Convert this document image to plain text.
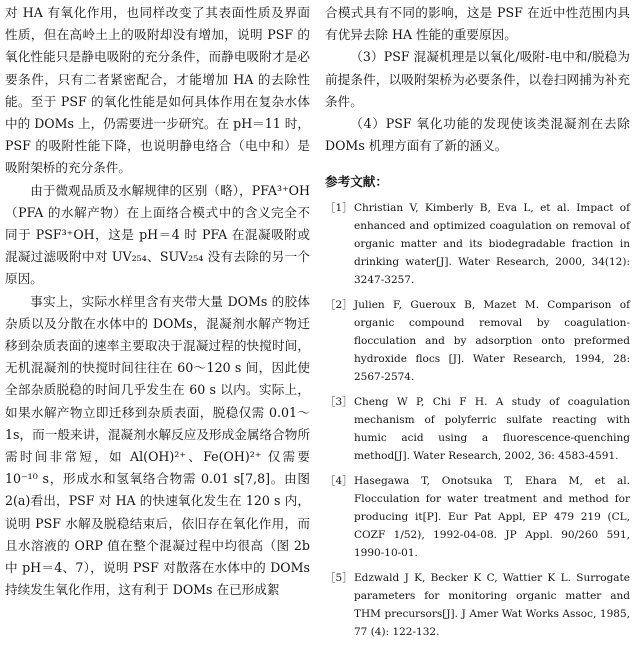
对 HA 有氧化作用，也同样改变了其表面性质及界面性质，但在高岭土上的吸附却没有增加，说明 PSF 的氧化性能只是静电吸附的充分条件，而静电吸附才是必要条件，只有二者紧密配合，才能增加 HA 的去除性能。至于 PSF 的氧化性能是如何具体作用在复杂水体中的 DOMs 上，仍需要进一步研究。在 pH＝11 时，PSF 的吸附性能下降，也说明静电络合（电中和）是吸附架桥的充分条件。

由于微观品质及水解规律的区别（略），PFA³⁺OH（PFA 的水解产物）在上面络合模式中的含义完全不同于 PSF³⁺OH，这是 pH＝4 时 PFA 在混凝吸附或混凝过滤吸附中对 UV₂₅₄、SUV₂₅₄ 没有去除的另一个原因。

事实上，实际水样里含有夹带大量 DOMs 的胶体杂质以及分散在水体中的 DOMs，混凝剂水解产物迁移到杂质表面的速率主要取决于混凝过程的快搅时间，无机混凝剂的快搅时间往往在 60～120 s 间，因此使全部杂质脱稳的时间几乎发生在 60 s 以内。实际上，如果水解产物立即迁移到杂质表面，脱稳仅需 0.01～1s，而一般来讲，混凝剂水解反应及形成金属络合物所需时间非常短，如 Al(OH)²⁺、Fe(OH)²⁺ 仅需要 10⁻¹⁰ s，形成水和氢氧络合物需 0.01 s[7,8]。由图 2(a)看出，PSF 对 HA 的快速氧化发生在 120 s 内，说明 PSF 水解及脱稳结束后，依旧存在氧化作用，而且水溶液的 ORP 值在整个混凝过程中均很高（图 2b 中 pH＝4、7），说明 PSF 对散落在水体中的 DOMs 持续发生氧化作用，这有利于 DOMs 在已形成絮

合模式具有不同的影响，这是 PSF 在近中性范围内具有优异去除 HA 性能的重要原因。

（3）PSF 混凝机理是以氧化/吸附-电中和/脱稳为前提条件，以吸附架桥为必要条件，以卷扫网捕为补充条件。

（4）PSF 氧化功能的发现使该类混凝剂在去除 DOMs 机理方面有了新的涵义。

参考文献：
［1］ Christian V, Kimberly B, Eva L, et al. Impact of enhanced and optimized coagulation on removal of organic matter and its biodegradable fraction in drinking water[J]. Water Research, 2000, 34(12): 3247-3257.
［2］ Julien F, Gueroux B, Mazet M. Comparison of organic compound removal by coagulation-flocculation and by adsorption onto preformed hydroxide flocs [J]. Water Research, 1994, 28: 2567-2574.
［3］ Cheng W P, Chi F H. A study of coagulation mechanism of polyferric sulfate reacting with humic acid using a fluorescence-quenching method[J]. Water Research, 2002, 36: 4583-4591.
［4］ Hasegawa T, Onotsuka T, Ehara M, et al. Flocculation for water treatment and method for producing it[P]. Eur Pat Appl, EP 479 219 (CL, COZF 1/52), 1992-04-08. JP Appl. 90/260 591, 1990-10-01.
［5］ Edzwald J K, Becker K C, Wattier K L. Surrogate parameters for monitoring organic matter and THM precursors[J]. J Amer Wat Works Assoc, 1985, 77 (4): 122-132.
